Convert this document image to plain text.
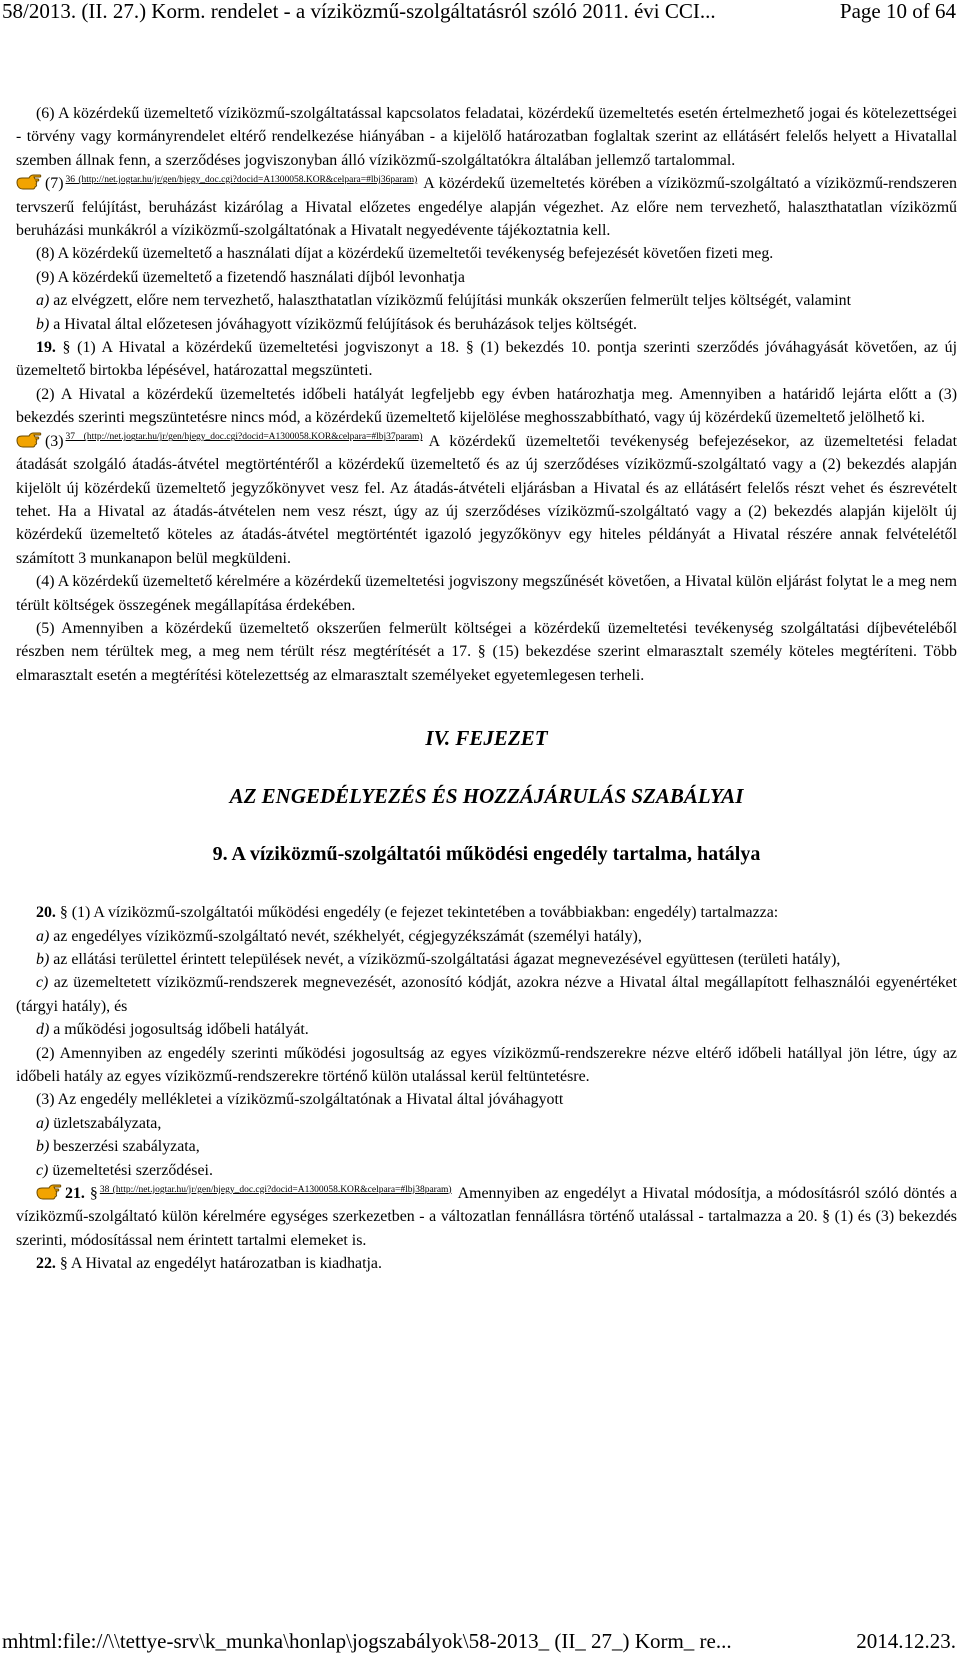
58/2013. (II. 27.) Korm. rendelet - a víziközmű-szolgáltatásról szóló 2011. évi CCI...	Page 10 of 64

(6) A közérdekű üzemeltető víziközmű-szolgáltatással kapcsolatos feladatai, közérdekű üzemeltetés esetén értelmezhető jogai és kötelezettségei - törvény vagy kormányrendelet eltérő rendelkezése hiányában - a kijelölő határozatban foglaltak szerint az ellátásért felelős helyett a Hivatallal szemben állnak fenn, a szerződéses jogviszonyban álló víziközmű-szolgáltatókra általában jellemző tartalommal.

(7) $^{36 (http://net.jogtar.hu/jr/gen/hjegy\_doc.cgi?docid=A1300058.KOR\&celpara=\#lbj36param)}$ A közérdekű üzemeltetés körében a víziközmű-szolgáltató a víziközmű-rendszeren tervszerű felújítást, beruházást kizárólag a Hivatal előzetes engedélye alapján végezhet. Az előre nem tervezhető, halaszthatatlan víziközmű beruházási munkákról a víziközmű-szolgáltatónak a Hivatalt negyedévente tájékoztatnia kell.

(8) A közérdekű üzemeltető a használati díjat a közérdekű üzemeltetői tevékenység befejezését követően fizeti meg.

(9) A közérdekű üzemeltető a fizetendő használati díjból levonhatja

a) az elvégzett, előre nem tervezhető, halaszthatatlan víziközmű felújítási munkák okszerűen felmerült teljes költségét, valamint

b) a Hivatal által előzetesen jóváhagyott víziközmű felújítások és beruházások teljes költségét.

19. § (1) A Hivatal a közérdekű üzemeltetési jogviszonyt a 18. § (1) bekezdés 10. pontja szerinti szerződés jóváhagyását követően, az új üzemeltető birtokba lépésével, határozattal megszünteti.

(2) A Hivatal a közérdekű üzemeltetés időbeli hatályát legfeljebb egy évben határozhatja meg. Amennyiben a határidő lejárta előtt a (3) bekezdés szerinti megszüntetésre nincs mód, a közérdekű üzemeltető kijelölése meghosszabbítható, vagy új közérdekű üzemeltető jelölhető ki.

(3) $^{37 (http://net.jogtar.hu/jr/gen/hjegy\_doc.cgi?docid=A1300058.KOR\&celpara=\#lbj37param)}$ A közérdekű üzemeltetői tevékenység befejezésekor, az üzemeltetési feladat átadását szolgáló átadás-átvétel megtörténtéről a közérdekű üzemeltető és az új szerződéses víziközmű-szolgáltató vagy a (2) bekezdés alapján kijelölt új közérdekű üzemeltető jegyzőkönyvet vesz fel. Az átadás-átvételi eljárásban a Hivatal és az ellátásért felelős részt vehet és észrevételt tehet. Ha a Hivatal az átadás-átvételen nem vesz részt, úgy az új szerződéses víziközmű-szolgáltató vagy a (2) bekezdés alapján kijelölt új közérdekű üzemeltető köteles az átadás-átvétel megtörténtét igazoló jegyzőkönyv egy hiteles példányát a Hivatal részére annak felvételétől számított 3 munkanapon belül megküldeni.

(4) A közérdekű üzemeltető kérelmére a közérdekű üzemeltetési jogviszony megszűnését követően, a Hivatal külön eljárást folytat le a meg nem térült költségek összegének megállapítása érdekében.

(5) Amennyiben a közérdekű üzemeltető okszerűen felmerült költségei a közérdekű üzemeltetési tevékenység szolgáltatási díjbevételéből részben nem térültek meg, a meg nem térült rész megtérítését a 17. § (15) bekezdése szerint elmarasztalt személy köteles megtéríteni. Több elmarasztalt esetén a megtérítési kötelezettség az elmarasztalt személyeket egyetemlegesen terheli.

IV. FEJEZET

AZ ENGEDÉLYEZÉS ÉS HOZZÁJÁRULÁS SZABÁLYAI

9. A víziközmű-szolgáltatói működési engedély tartalma, hatálya

20. § (1) A víziközmű-szolgáltatói működési engedély (e fejezet tekintetében a továbbiakban: engedély) tartalmazza:

a) az engedélyes víziközmű-szolgáltató nevét, székhelyét, cégjegyzékszámát (személyi hatály),

b) az ellátási területtel érintett települések nevét, a víziközmű-szolgáltatási ágazat megnevezésével együttesen (területi hatály),

c) az üzemeltetett víziközmű-rendszerek megnevezését, azonosító kódját, azokra nézve a Hivatal által megállapított felhasználói egyenértéket (tárgyi hatály), és

d) a működési jogosultság időbeli hatályát.

(2) Amennyiben az engedély szerinti működési jogosultság az egyes víziközmű-rendszerekre nézve eltérő időbeli hatállyal jön létre, úgy az időbeli hatály az egyes víziközmű-rendszerekre történő külön utalással kerül feltüntetésre.

(3) Az engedély mellékletei a víziközmű-szolgáltatónak a Hivatal által jóváhagyott

a) üzletszabályzata,

b) beszerzési szabályzata,

c) üzemeltetési szerződései.

21. § $^{38 (http://net.jogtar.hu/jr/gen/hjegy\_doc.cgi?docid=A1300058.KOR\&celpara=\#lbj38param)}$ Amennyiben az engedélyt a Hivatal módosítja, a módosításról szóló döntés a víziközmű-szolgáltató külön kérelmére egységes szerkezetben - a változatlan fennállásra történő utalással - tartalmazza a 20. § (1) és (3) bekezdés szerinti, módosítással nem érintett tartalmi elemeket is.

22. § A Hivatal az engedélyt határozatban is kiadhatja.

mhtml:file://\\tettye-srv\k_munka\honlap\jogszabályok\58-2013_ (II_ 27_) Korm_ re...	2014.12.23.
